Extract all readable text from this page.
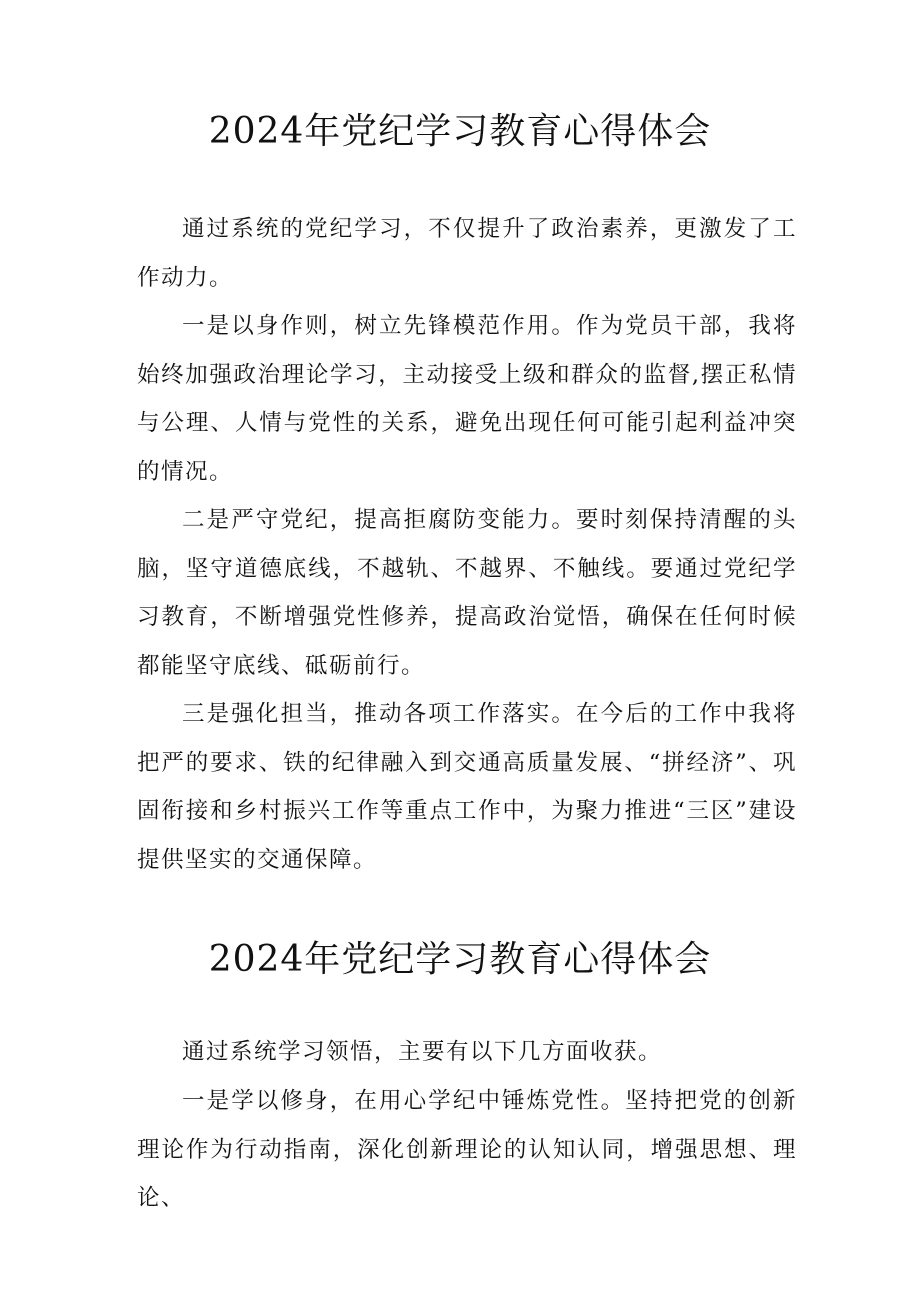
2024年党纪学习教育心得体会

通过系统的党纪学习，不仅提升了政治素养，更激发了工作动力。

一是以身作则，树立先锋模范作用。作为党员干部，我将始终加强政治理论学习，主动接受上级和群众的监督,摆正私情与公理、人情与党性的关系，避免出现任何可能引起利益冲突的情况。

二是严守党纪，提高拒腐防变能力。要时刻保持清醒的头脑，坚守道德底线，不越轨、不越界、不触线。要通过党纪学习教育，不断增强党性修养，提高政治觉悟，确保在任何时候都能坚守底线、砥砺前行。

三是强化担当，推动各项工作落实。在今后的工作中我将把严的要求、铁的纪律融入到交通高质量发展、“拼经济”、巩固衔接和乡村振兴工作等重点工作中，为聚力推进“三区”建设提供坚实的交通保障。

2024年党纪学习教育心得体会

通过系统学习领悟，主要有以下几方面收获。

一是学以修身，在用心学纪中锤炼党性。坚持把党的创新理论作为行动指南，深化创新理论的认知认同，增强思想、理论、
